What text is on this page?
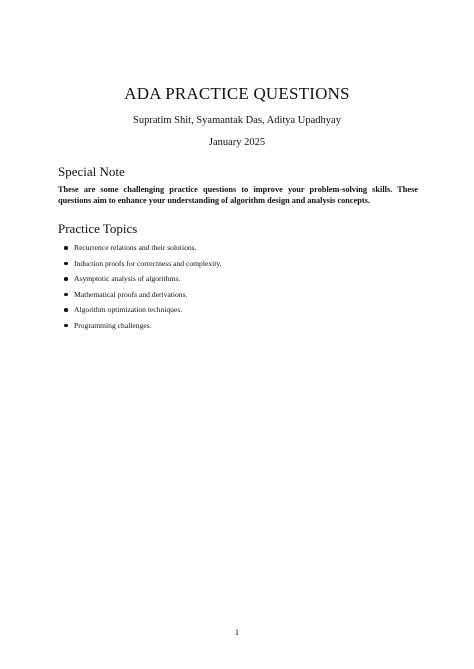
ADA PRACTICE QUESTIONS

Supratim Shit, Syamantak Das, Aditya Upadhyay

January 2025

Special Note

These are some challenging practice questions to improve your problem-solving skills. These questions aim to enhance your understanding of algorithm design and analysis concepts.

Practice Topics
Recurrence relations and their solutions.
Induction proofs for correctness and complexity.
Asymptotic analysis of algorithms.
Mathematical proofs and derivations.
Algorithm optimization techniques.
Programming challenges.

1
